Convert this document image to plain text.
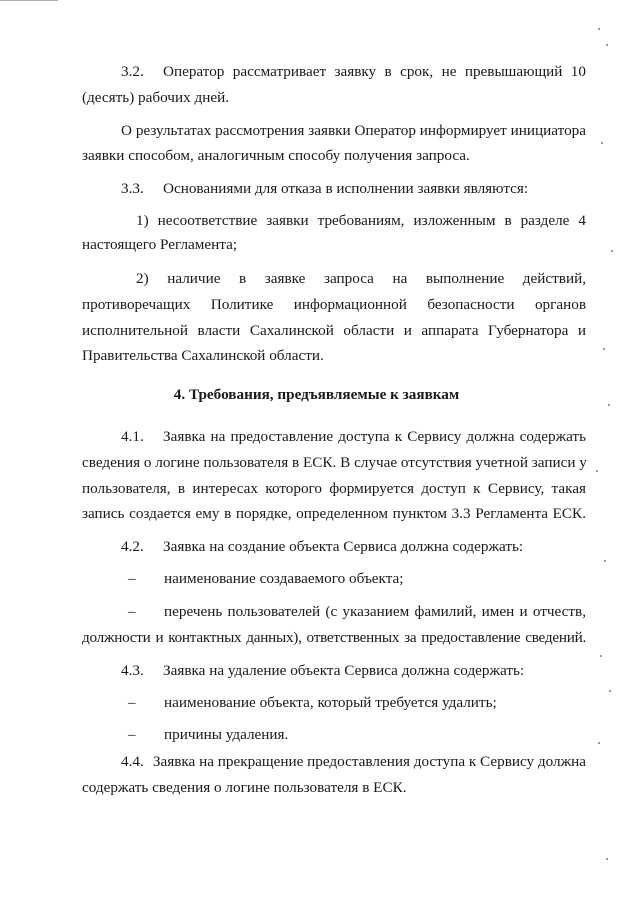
3.2.	Оператор рассматривает заявку в срок, не превышающий 10
(десять) рабочих дней.
О результатах рассмотрения заявки Оператор информирует инициатора
заявки способом, аналогичным способу получения запроса.
3.3.	Основаниями для отказа в исполнении заявки являются:
1) несоответствие заявки требованиям, изложенным в разделе 4
настоящего Регламента;
2) наличие в заявке запроса на выполнение действий,
противоречащих Политике информационной безопасности органов
исполнительной власти Сахалинской области и аппарата Губернатора и
Правительства Сахалинской области.
4. Требования, предъявляемые к заявкам
4.1.	Заявка на предоставление доступа к Сервису должна содержать
сведения о логине пользователя в ЕСК. В случае отсутствия учетной записи у
пользователя, в интересах которого формируется доступ к Сервису, такая
запись создается ему в порядке, определенном пунктом 3.3 Регламента ЕСК.
4.2.	Заявка на создание объекта Сервиса должна содержать:
– наименование создаваемого объекта;
– перечень пользователей (с указанием фамилий, имен и отчеств,
должности и контактных данных), ответственных за предоставление сведений.
4.3.	Заявка на удаление объекта Сервиса должна содержать:
– наименование объекта, который требуется удалить;
– причины удаления.
4.4. Заявка на прекращение предоставления доступа к Сервису должна
содержать сведения о логине пользователя в ЕСК.
